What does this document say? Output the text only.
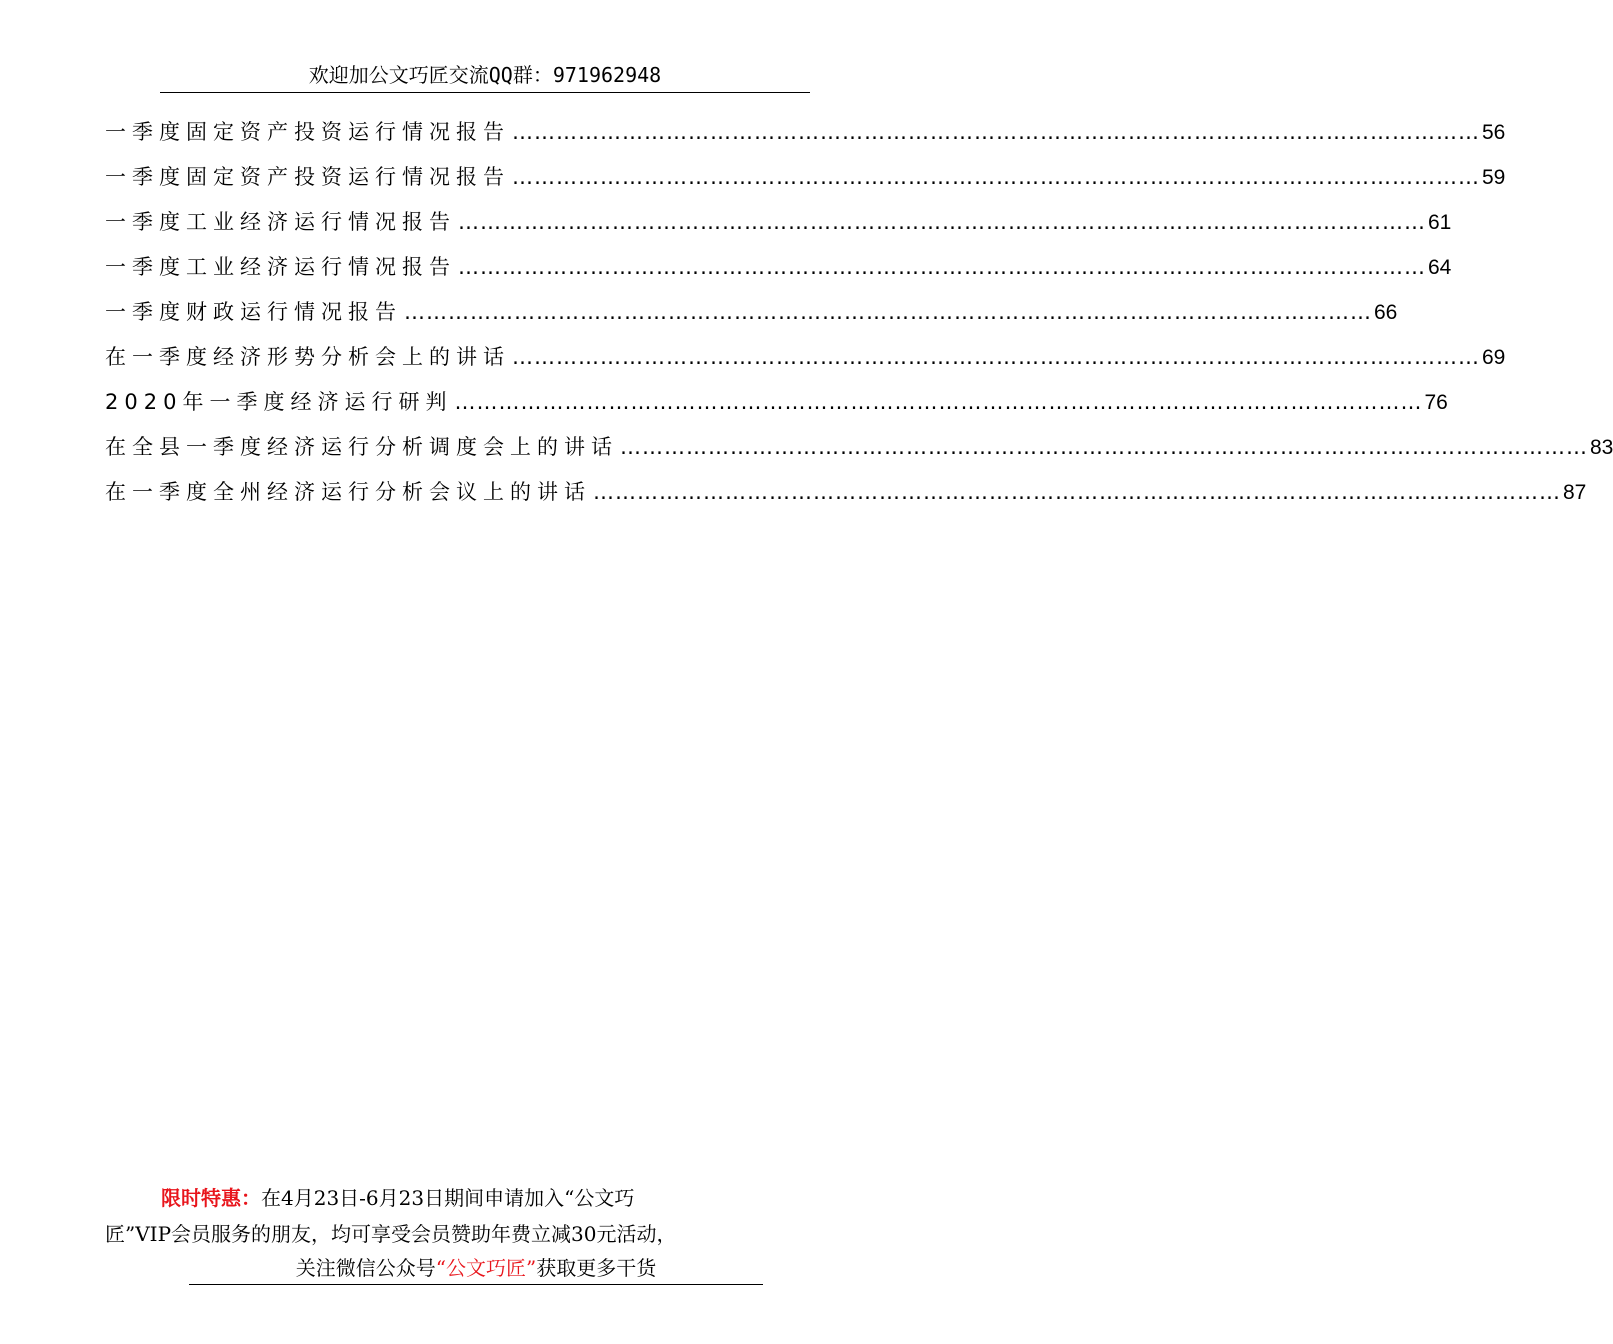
欢迎加公文巧匠交流QQ群：971962948
一季度固定资产投资运行情况报告 …………………………………………………………………………………………………………………… 56
一季度固定资产投资运行情况报告 …………………………………………………………………………………………………………………… 59
一季度工业经济运行情况报告 …………………………………………………………………………………………………………………… 61
一季度工业经济运行情况报告 …………………………………………………………………………………………………………………… 64
一季度财政运行情况报告 …………………………………………………………………………………………………………………… 66
在一季度经济形势分析会上的讲话 …………………………………………………………………………………………………………………… 69
2020年一季度经济运行研判 …………………………………………………………………………………………………………………… 76
在全县一季度经济运行分析调度会上的讲话 …………………………………………………………………………………………………………………… 83
在一季度全州经济运行分析会议上的讲话 …………………………………………………………………………………………………………………… 87
限时特惠：在4月23日-6月23日期间申请加入“公文巧
匠”VIP会员服务的朋友，均可享受会员赞助年费立减30元活动，
关注微信公众号“公文巧匠”获取更多干货
